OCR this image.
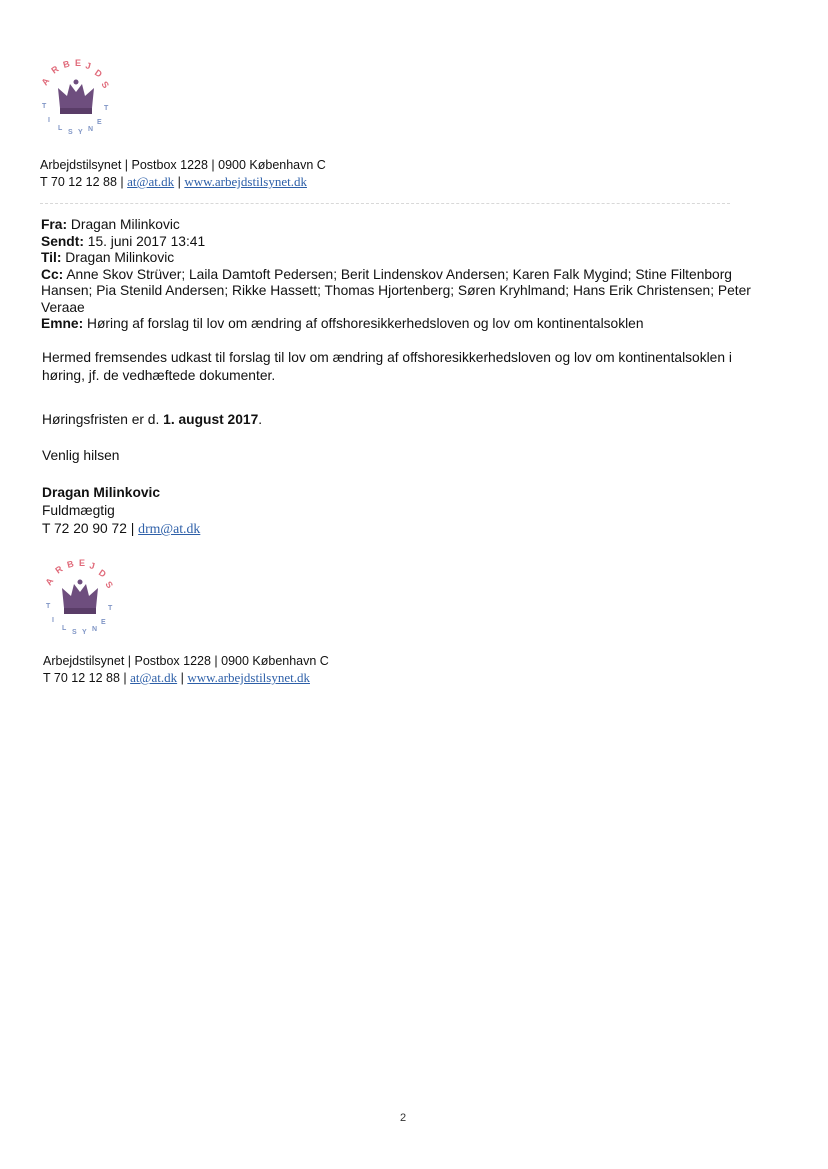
A
R B E J
D
S
T
I
L
S Y N
E
T
Arbejdstilsynet | Postbox 1228 | 0900 København C
T 70 12 12 88 | at@at.dk | www.arbejdstilsynet.dk
Fra: Dragan Milinkovic
Sendt: 15. juni 2017 13:41
Til: Dragan Milinkovic
Cc: Anne Skov Strüver; Laila Damtoft Pedersen; Berit Lindenskov Andersen; Karen Falk Mygind; Stine Filtenborg Hansen; Pia Stenild Andersen; Rikke Hassett; Thomas Hjortenberg; Søren Kryhlmand; Hans Erik Christensen; Peter Veraae
Emne: Høring af forslag til lov om ændring af offshoresikkerhedsloven og lov om kontinentalsoklen
Hermed fremsendes udkast til forslag til lov om ændring af offshoresikkerhedsloven og lov om kontinentalsoklen i høring, jf. de vedhæftede dokumenter.
Høringsfristen er d. 1. august 2017.
Venlig hilsen
Dragan Milinkovic
Fuldmægtig
T 72 20 90 72 | drm@at.dk
A
R B E J
D
S
T
I
L
S Y N
E
T
Arbejdstilsynet | Postbox 1228 | 0900 København C
T 70 12 12 88 | at@at.dk | www.arbejdstilsynet.dk
2
